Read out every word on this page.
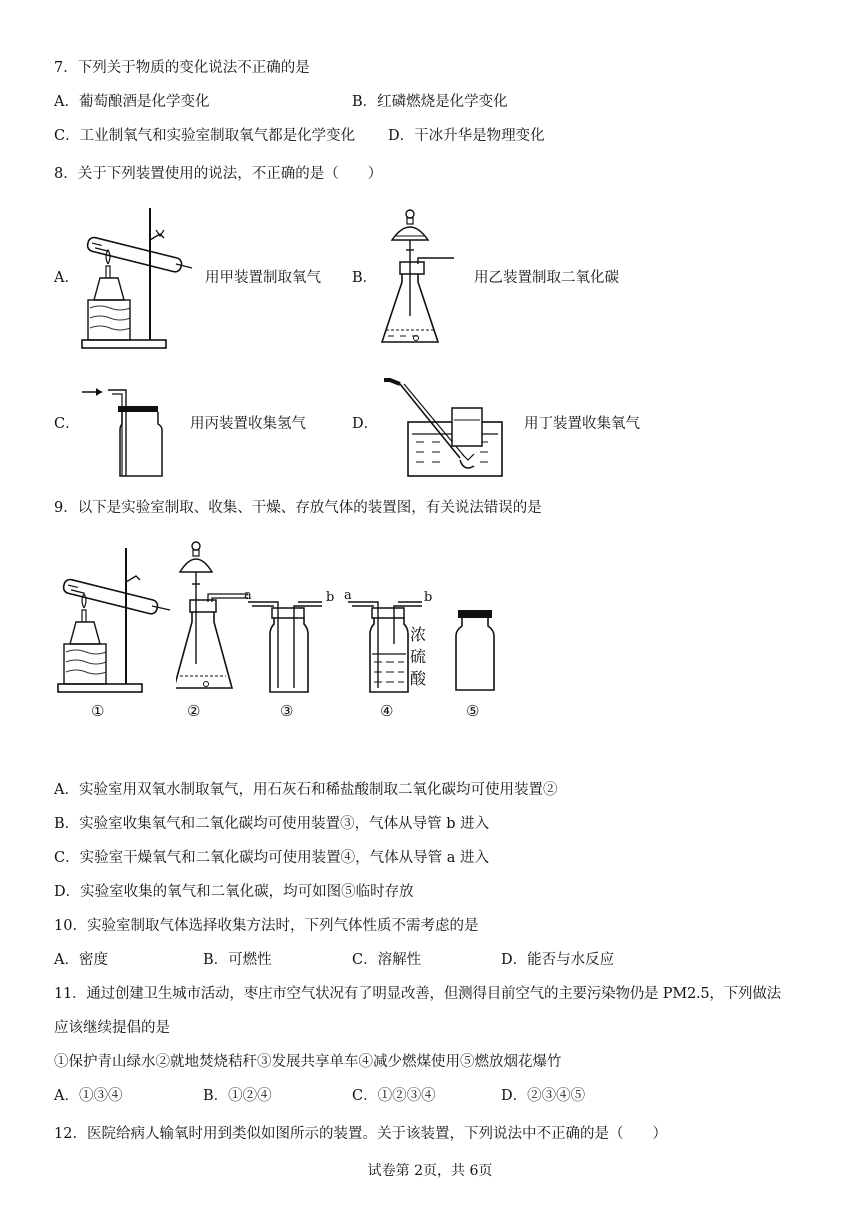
7．下列关于物质的变化说法不正确的是
A．葡萄酿酒是化学变化	B．红磷燃烧是化学变化
C．工业制氧气和实验室制取氧气都是化学变化 D．干冰升华是物理变化
8．关于下列装置使用的说法，不正确的是（　　）
A．	用甲装置制取氧气 B．	用乙装置制取二氧化碳
C．	用丙装置收集氢气	D．	用丁装置收集氧气
9．以下是实验室制取、收集、干燥、存放气体的装置图，有关说法错误的是
a	b a	b
浓
硫
酸
①	②	③	④	⑤
A．实验室用双氧水制取氧气，用石灰石和稀盐酸制取二氧化碳均可使用装置②
B．实验室收集氧气和二氧化碳均可使用装置③，气体从导管 b 进入
C．实验室干燥氧气和二氧化碳均可使用装置④，气体从导管 a 进入
D．实验室收集的氧气和二氧化碳，均可如图⑤临时存放
10．实验室制取气体选择收集方法时，下列气体性质不需考虑的是
A．密度	B．可燃性	C．溶解性	D．能否与水反应
11．通过创建卫生城市活动，枣庄市空气状况有了明显改善，但测得目前空气的主要污染物仍是 PM2.5，下列做法
应该继续提倡的是
①保护青山绿水②就地焚烧秸秆③发展共享单车④减少燃煤使用⑤燃放烟花爆竹
A．①③④	B．①②④	C．①②③④	D．②③④⑤
12．医院给病人输氧时用到类似如图所示的装置。关于该装置，下列说法中不正确的是（　　）
试卷第 2页，共 6页
